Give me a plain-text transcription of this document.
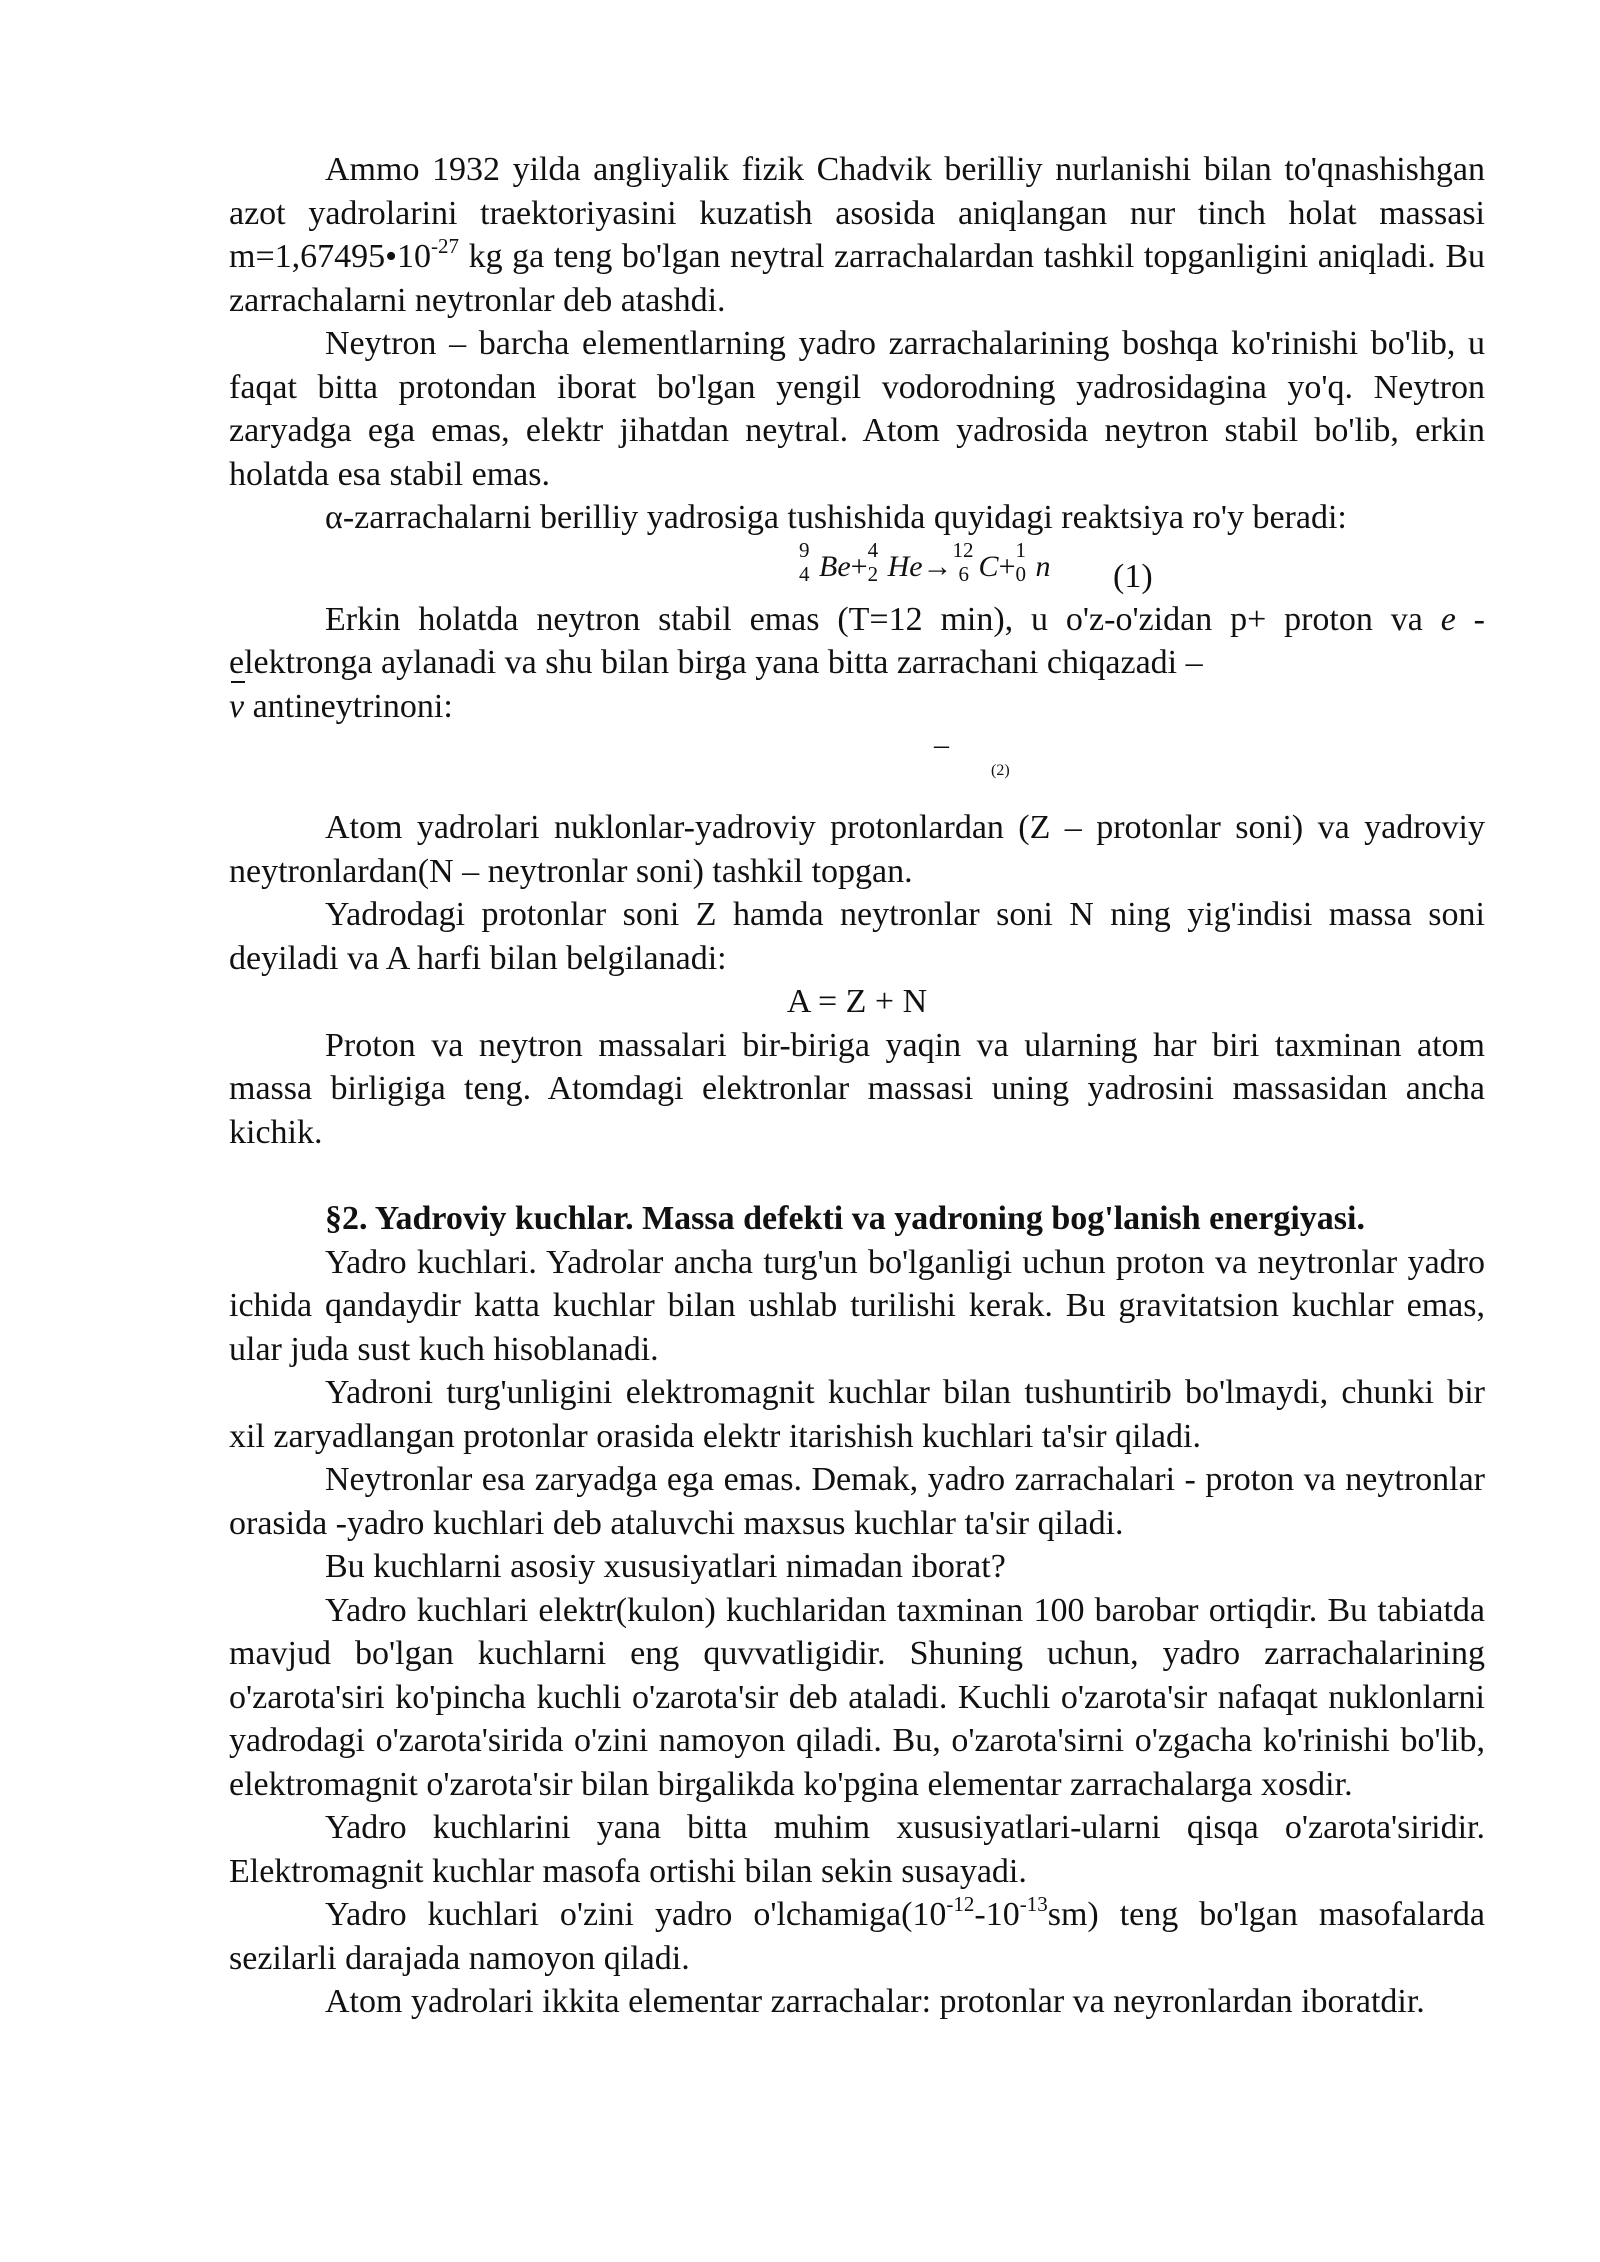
Ammo 1932 yilda angliyalik fizik Chadvik berilliy nurlanishi bilan to'qnashishgan azot yadrolarini traektoriyasini kuzatish asosida aniqlangan nur tinch holat massasi $m=1,67495•10^{-27}$ kg ga teng bo'lgan neytral zarrachalardan tashkil topganligini aniqladi. Bu zarrachalarni neytronlar deb atashdi.

Neytron – barcha elementlarning yadro zarrachalarining boshqa ko'rinishi bo'lib, u faqat bitta protondan iborat bo'lgan yengil vodorodning yadrosidagina yo'q. Neytron zaryadga ega emas, elektr jihatdan neytral. Atom yadrosida neytron stabil bo'lib, erkin holatda esa stabil emas.

α-zarrachalarni berilliy yadrosiga tushishida quyidagi reaktsiya ro'y beradi:

9
4 Be+ 4
2 He→ 12
6 C+ 1
0 n (1)

Erkin holatda neytron stabil emas (T=12 min), u o'z-o'zidan p+ proton va e - elektronga aylanadi va shu bilan birga yana bitta zarrachani chiqazadi –

v antineytrinoni:

–
(2)

Atom yadrolari nuklonlar-yadroviy protonlardan (Z – protonlar soni) va yadroviy neytronlardan(N – neytronlar soni) tashkil topgan.

Yadrodagi protonlar soni Z hamda neytronlar soni N ning yig'indisi massa soni deyiladi va A harfi bilan belgilanadi:

A = Z + N

Proton va neytron massalari bir-biriga yaqin va ularning har biri taxminan atom massa birligiga teng. Atomdagi elektronlar massasi uning yadrosini massasidan ancha kichik.

§2. Yadroviy kuchlar. Massa defekti va yadroning bog'lanish energiyasi.

Yadro kuchlari. Yadrolar ancha turg'un bo'lganligi uchun proton va neytronlar yadro ichida qandaydir katta kuchlar bilan ushlab turilishi kerak. Bu gravitatsion kuchlar emas, ular juda sust kuch hisoblanadi.

Yadroni turg'unligini elektromagnit kuchlar bilan tushuntirib bo'lmaydi, chunki bir xil zaryadlangan protonlar orasida elektr itarishish kuchlari ta'sir qiladi.

Neytronlar esa zaryadga ega emas. Demak, yadro zarrachalari - proton va neytronlar orasida -yadro kuchlari deb ataluvchi maxsus kuchlar ta'sir qiladi.

Bu kuchlarni asosiy xususiyatlari nimadan iborat?

Yadro kuchlari elektr(kulon) kuchlaridan taxminan 100 barobar ortiqdir. Bu tabiatda mavjud bo'lgan kuchlarni eng quvvatligidir. Shuning uchun, yadro zarrachalarining o'zarota'siri ko'pincha kuchli o'zarota'sir deb ataladi. Kuchli o'zarota'sir nafaqat nuklonlarni yadrodagi o'zarota'sirida o'zini namoyon qiladi. Bu, o'zarota'sirni o'zgacha ko'rinishi bo'lib, elektromagnit o'zarota'sir bilan birgalikda ko'pgina elementar zarrachalarga xosdir.

Yadro kuchlarini yana bitta muhim xususiyatlari-ularni qisqa o'zarota'siridir. Elektromagnit kuchlar masofa ortishi bilan sekin susayadi.

Yadro kuchlari o'zini yadro $o'lchamiga(10^{-12}-10^{-13}sm)$ teng bo'lgan masofalarda sezilarli darajada namoyon qiladi.

Atom yadrolari ikkita elementar zarrachalar: protonlar va neyronlardan iboratdir.
